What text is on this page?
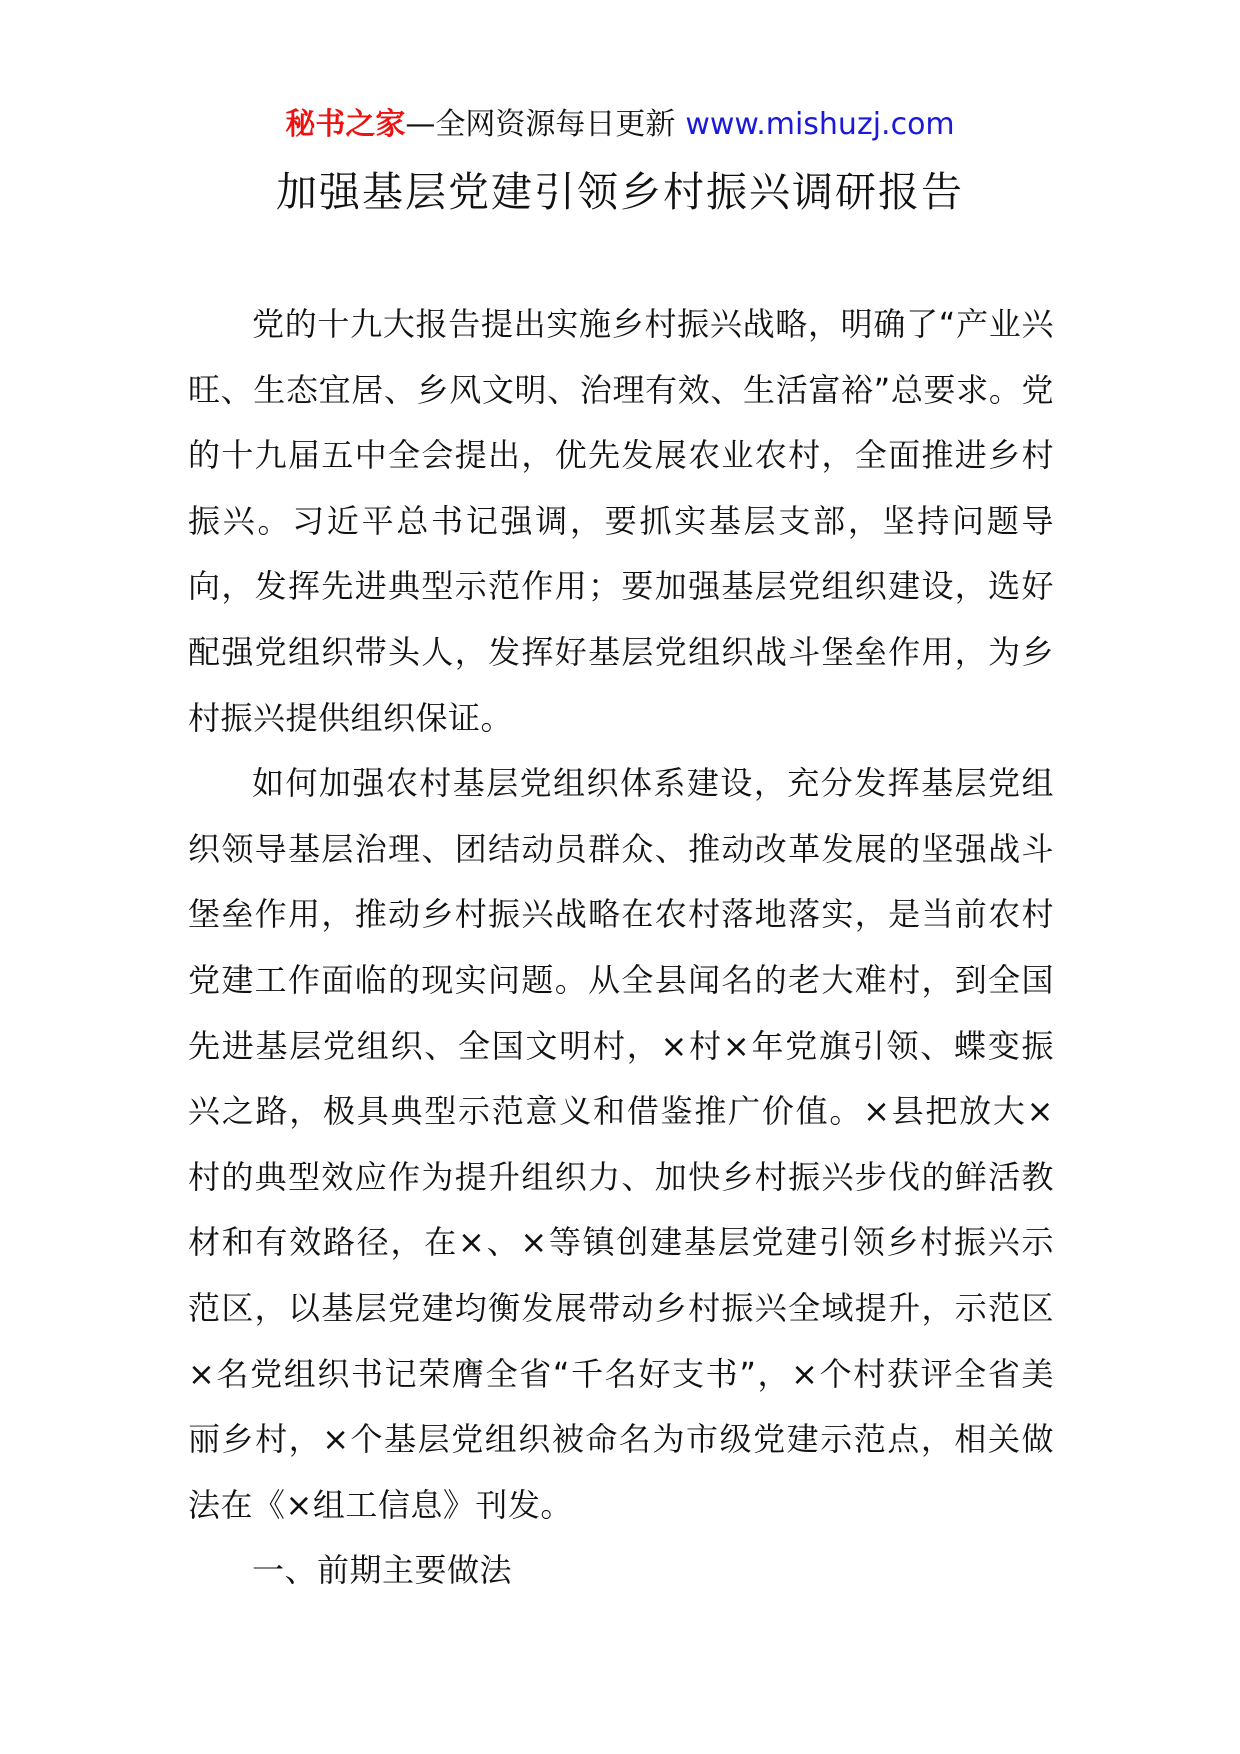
秘书之家—全网资源每日更新 www.mishuzj.com
加强基层党建引领乡村振兴调研报告

党的十九大报告提出实施乡村振兴战略，明确了“产业兴旺、生态宜居、乡风文明、治理有效、生活富裕”总要求。党的十九届五中全会提出，优先发展农业农村，全面推进乡村振兴。习近平总书记强调，要抓实基层支部，坚持问题导向，发挥先进典型示范作用；要加强基层党组织建设，选好配强党组织带头人，发挥好基层党组织战斗堡垒作用，为乡村振兴提供组织保证。

如何加强农村基层党组织体系建设，充分发挥基层党组织领导基层治理、团结动员群众、推动改革发展的坚强战斗堡垒作用，推动乡村振兴战略在农村落地落实，是当前农村党建工作面临的现实问题。从全县闻名的老大难村，到全国先进基层党组织、全国文明村，×村×年党旗引领、蝶变振兴之路，极具典型示范意义和借鉴推广价值。×县把放大×村的典型效应作为提升组织力、加快乡村振兴步伐的鲜活教材和有效路径，在×、×等镇创建基层党建引领乡村振兴示范区，以基层党建均衡发展带动乡村振兴全域提升，示范区×名党组织书记荣膺全省“千名好支书”，×个村获评全省美丽乡村，×个基层党组织被命名为市级党建示范点，相关做法在《×组工信息》刊发。

一、前期主要做法
